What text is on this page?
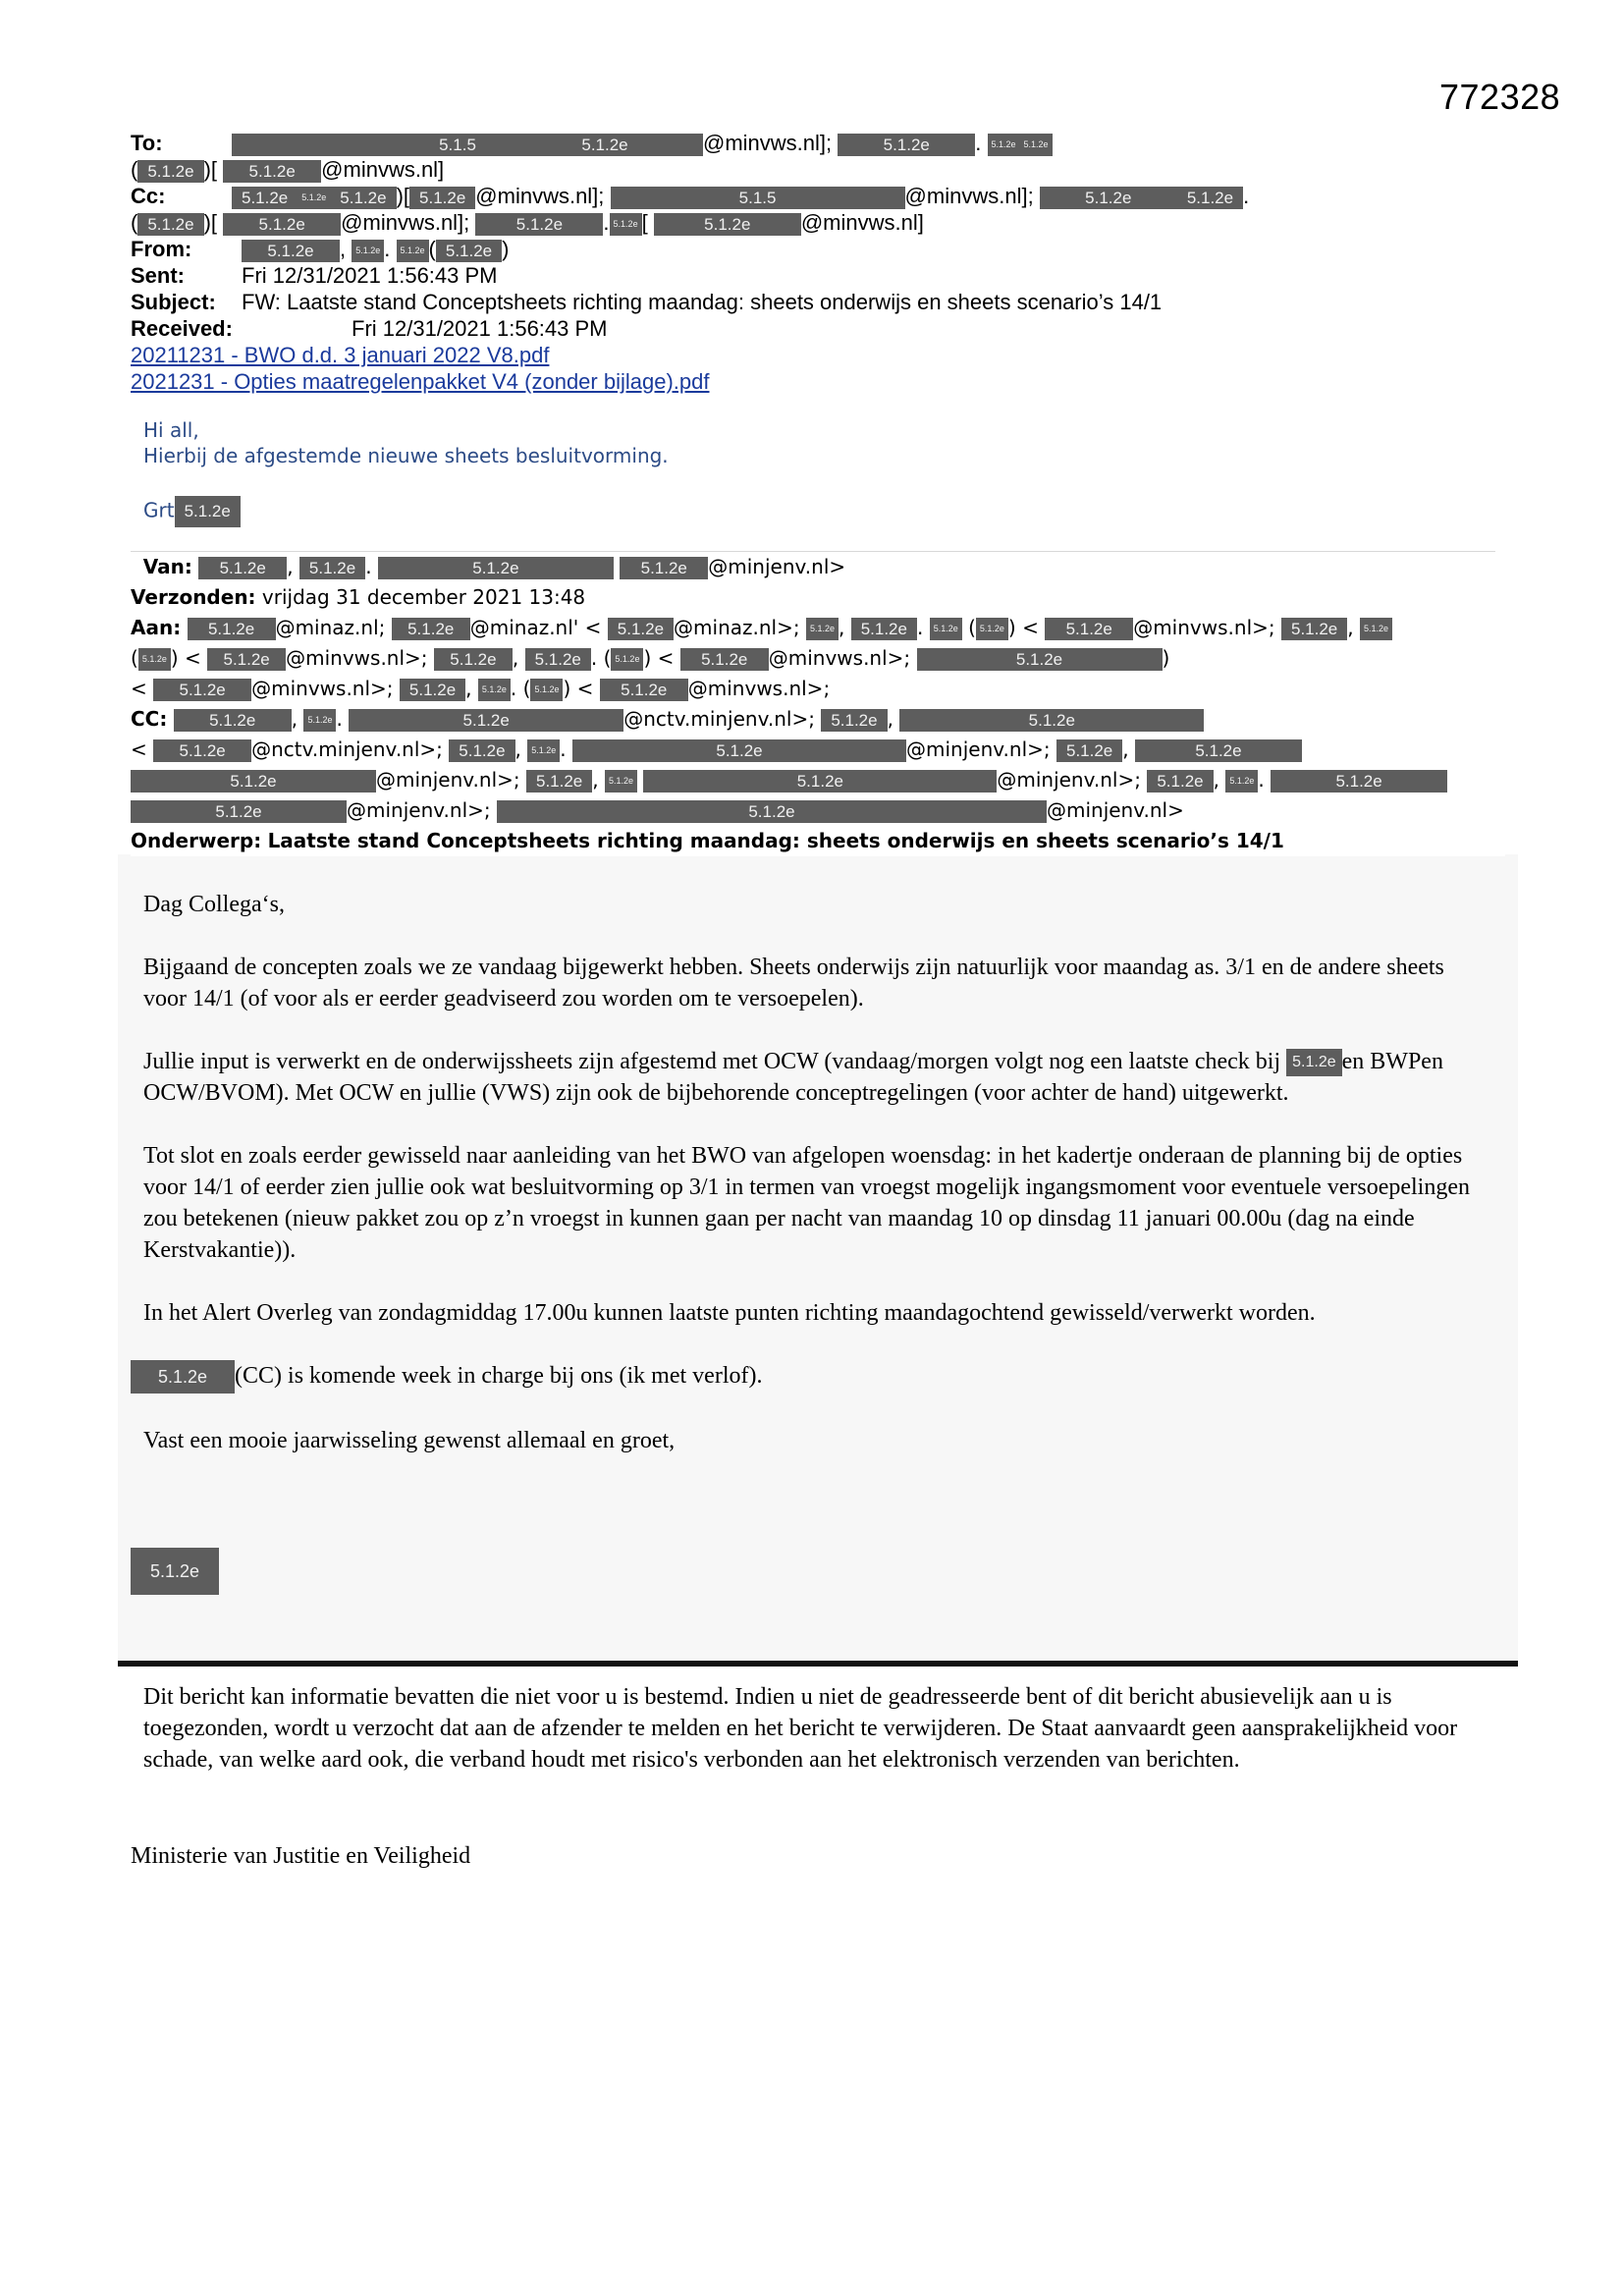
772328
To:	5.1.5	5.1.2e	@minvws.nl];	5.1.2e . 5.1.2e 5.1.2e
( 5.1.2e )[ 5.1.2e @minvws.nl]
Cc:	5.1.2e 5.1.2e 5.1.2e )[ 5.1.2e @minvws.nl];	5.1.5	@minvws.nl];	5.1.2e	5.1.2e .
( 5.1.2e )[ 5.1.2e @minvws.nl];	5.1.2e . 5.1.2e [	5.1.2e @minvws.nl]
From:	5.1.2e , 5.1.2e . 5.1.2e ( 5.1.2e )
Sent:	Fri 12/31/2021 1:56:43 PM
Subject: FW: Laatste stand Conceptsheets richting maandag: sheets onderwijs en sheets scenario’s 14/1
Received:	Fri 12/31/2021 1:56:43 PM
20211231 - BWO d.d. 3 januari 2022 V8.pdf
2021231 - Opties maatregelenpakket V4 (zonder bijlage).pdf
Hi all,
Hierbij de afgestemde nieuwe sheets besluitvorming.
Grt 5.1.2e
Van: 5.1.2e , 5.1.2e .	5.1.2e	5.1.2e @minjenv.nl>
Verzonden: vrijdag 31 december 2021 13:48
Aan: 5.1.2e @minaz.nl; 5.1.2e @minaz.nl' < 5.1.2e @minaz.nl>; 5.1.2e , 5.1.2e . 5.1.2e ( 5.1.2e ) < 5.1.2e @minvws.nl>; 5.1.2e , 5.1.2e
( 5.1.2e ) < 5.1.2e @minvws.nl>; 5.1.2e , 5.1.2e . ( 5.1.2e ) < 5.1.2e @minvws.nl>;	5.1.2e	)
< 5.1.2e @minvws.nl>; 5.1.2e , 5.1.2e . ( 5.1.2e ) < 5.1.2e @minvws.nl>;
CC:	5.1.2e , 5.1.2e .	5.1.2e	@nctv.minjenv.nl>; 5.1.2e ,	5.1.2e
< 5.1.2e @nctv.minjenv.nl>; 5.1.2e , 5.1.2e .	5.1.2e	@minjenv.nl>; 5.1.2e ,	5.1.2e
5.1.2e	@minjenv.nl>; 5.1.2e , 5.1.2e	5.1.2e	@minjenv.nl>; 5.1.2e , 5.1.2e .	5.1.2e
5.1.2e	@minjenv.nl>;	5.1.2e	@minjenv.nl>
Onderwerp: Laatste stand Conceptsheets richting maandag: sheets onderwijs en sheets scenario’s 14/1

Dag Collega‘s,

Bijgaand de concepten zoals we ze vandaag bijgewerkt hebben. Sheets onderwijs zijn natuurlijk voor maandag as. 3/1 en de andere sheets voor 14/1 (of voor als er eerder geadviseerd zou worden om te versoepelen).

Jullie input is verwerkt en de onderwijssheets zijn afgestemd met OCW (vandaag/morgen volgt nog een laatste check bij 5.1.2e en BWPen OCW/BVOM). Met OCW en jullie (VWS) zijn ook de bijbehorende conceptregelingen (voor achter de hand) uitgewerkt.

Tot slot en zoals eerder gewisseld naar aanleiding van het BWO van afgelopen woensdag: in het kadertje onderaan de planning bij de opties voor 14/1 of eerder zien jullie ook wat besluitvorming op 3/1 in termen van vroegst mogelijk ingangsmoment voor eventuele versoepelingen zou betekenen (nieuw pakket zou op z’n vroegst in kunnen gaan per nacht van maandag 10 op dinsdag 11 januari 00.00u (dag na einde Kerstvakantie)).

In het Alert Overleg van zondagmiddag 17.00u kunnen laatste punten richting maandagochtend gewisseld/verwerkt worden.

5.1.2e (CC) is komende week in charge bij ons (ik met verlof).

Vast een mooie jaarwisseling gewenst allemaal en groet,

5.1.2e
Dit bericht kan informatie bevatten die niet voor u is bestemd. Indien u niet de geadresseerde bent of dit bericht abusievelijk aan u is toegezonden, wordt u verzocht dat aan de afzender te melden en het bericht te verwijderen. De Staat aanvaardt geen aansprakelijkheid voor schade, van welke aard ook, die verband houdt met risico's verbonden aan het elektronisch verzenden van berichten.
Ministerie van Justitie en Veiligheid
